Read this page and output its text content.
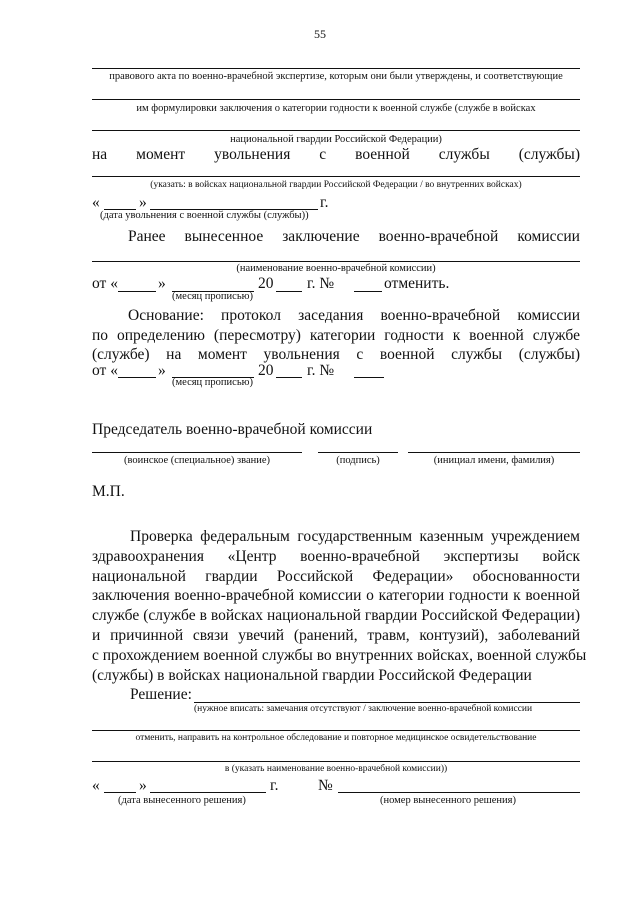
55
правового акта по военно-врачебной экспертизе, которым они были утверждены, и соответствующие
им формулировки заключения о категории годности к военной службе (службе в войсках
национальной гвардии Российской Федерации)
на момент увольнения с военной службы (службы)
(указать: в войсках национальной гвардии Российской Федерации / во внутренних войсках)
«	»	г.
(дата увольнения с военной службы (службы))
Ранее вынесенное заключение военно-врачебной комиссии
(наименование военно-врачебной комиссии)
от «	»	20 г. №	отменить.
(месяц прописью)
Основание: протокол заседания военно-врачебной комиссии
по определению (пересмотру) категории годности к военной службе
(службе) на момент увольнения с военной службы (службы)
от «	»	20 г. №
(месяц прописью)
Председатель военно-врачебной комиссии
(воинское (специальное) звание)	(подпись)	(инициал имени, фамилия)
М.П.
Проверка федеральным государственным казенным учреждением
здравоохранения «Центр военно-врачебной экспертизы войск
национальной гвардии Российской Федерации» обоснованности
заключения военно-врачебной комиссии о категории годности к военной
службе (службе в войсках национальной гвардии Российской Федерации)
и причинной связи увечий (ранений, травм, контузий), заболеваний
с прохождением военной службы во внутренних войсках, военной службы
(службы) в войсках национальной гвардии Российской Федерации
Решение:
(нужное вписать: замечания отсутствуют / заключение военно-врачебной комиссии
отменить, направить на контрольное обследование и повторное медицинское освидетельствование
в (указать наименование военно-врачебной комиссии))
«	»	г.	№
(дата вынесенного решения)	(номер вынесенного решения)
